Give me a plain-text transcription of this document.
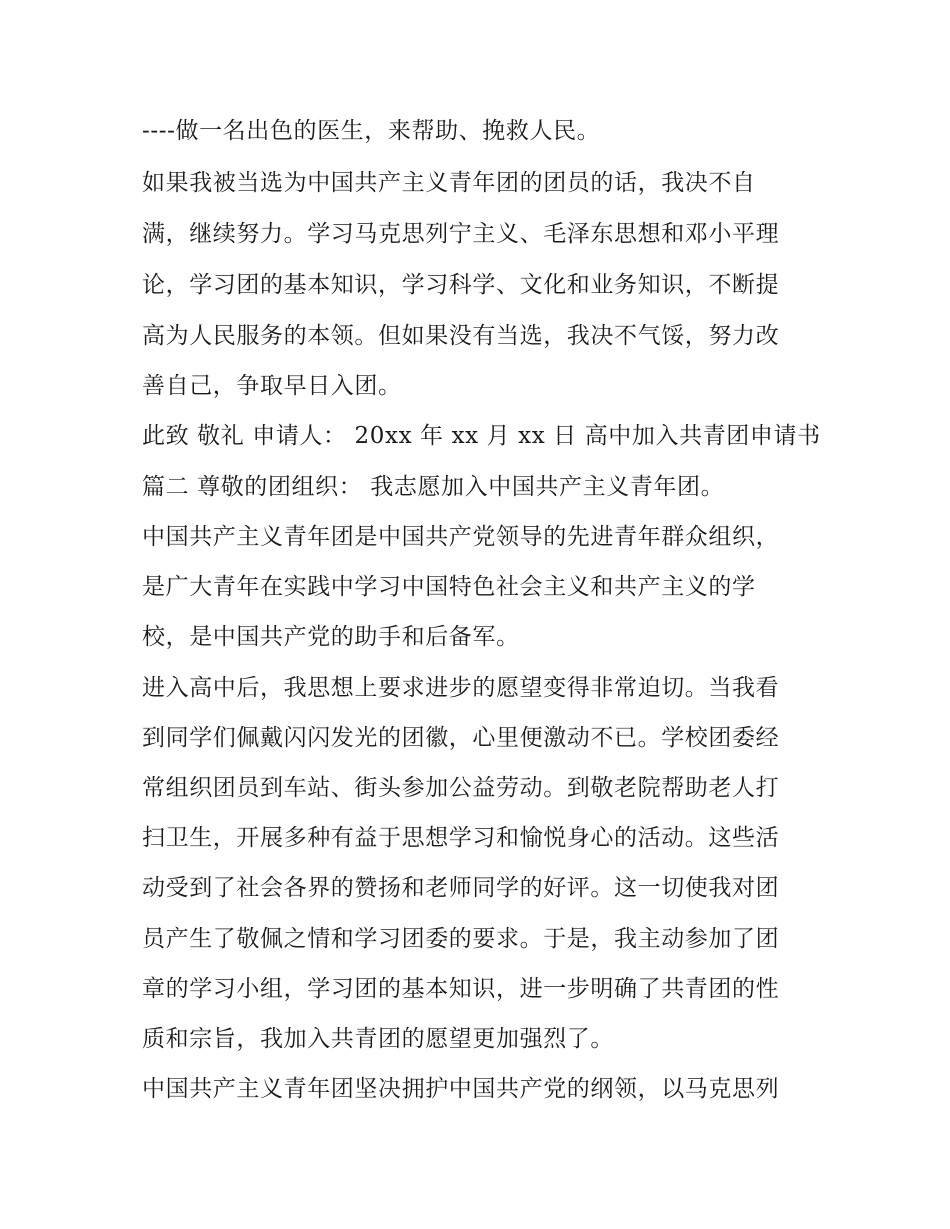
----做一名出色的医生，来帮助、挽救人民。
如果我被当选为中国共产主义青年团的团员的话，我决不自
满，继续努力。学习马克思列宁主义、毛泽东思想和邓小平理
论，学习团的基本知识，学习科学、文化和业务知识，不断提
高为人民服务的本领。但如果没有当选，我决不气馁，努力改
善自己，争取早日入团。
此致 敬礼 申请人： 20xx 年 xx 月 xx 日 高中加入共青团申请书
篇二 尊敬的团组织： 我志愿加入中国共产主义青年团。
中国共产主义青年团是中国共产党领导的先进青年群众组织，
是广大青年在实践中学习中国特色社会主义和共产主义的学
校，是中国共产党的助手和后备军。
进入高中后，我思想上要求进步的愿望变得非常迫切。当我看
到同学们佩戴闪闪发光的团徽，心里便激动不已。学校团委经
常组织团员到车站、街头参加公益劳动。到敬老院帮助老人打
扫卫生，开展多种有益于思想学习和愉悦身心的活动。这些活
动受到了社会各界的赞扬和老师同学的好评。这一切使我对团
员产生了敬佩之情和学习团委的要求。于是，我主动参加了团
章的学习小组，学习团的基本知识，进一步明确了共青团的性
质和宗旨，我加入共青团的愿望更加强烈了。
中国共产主义青年团坚决拥护中国共产党的纲领，以马克思列
